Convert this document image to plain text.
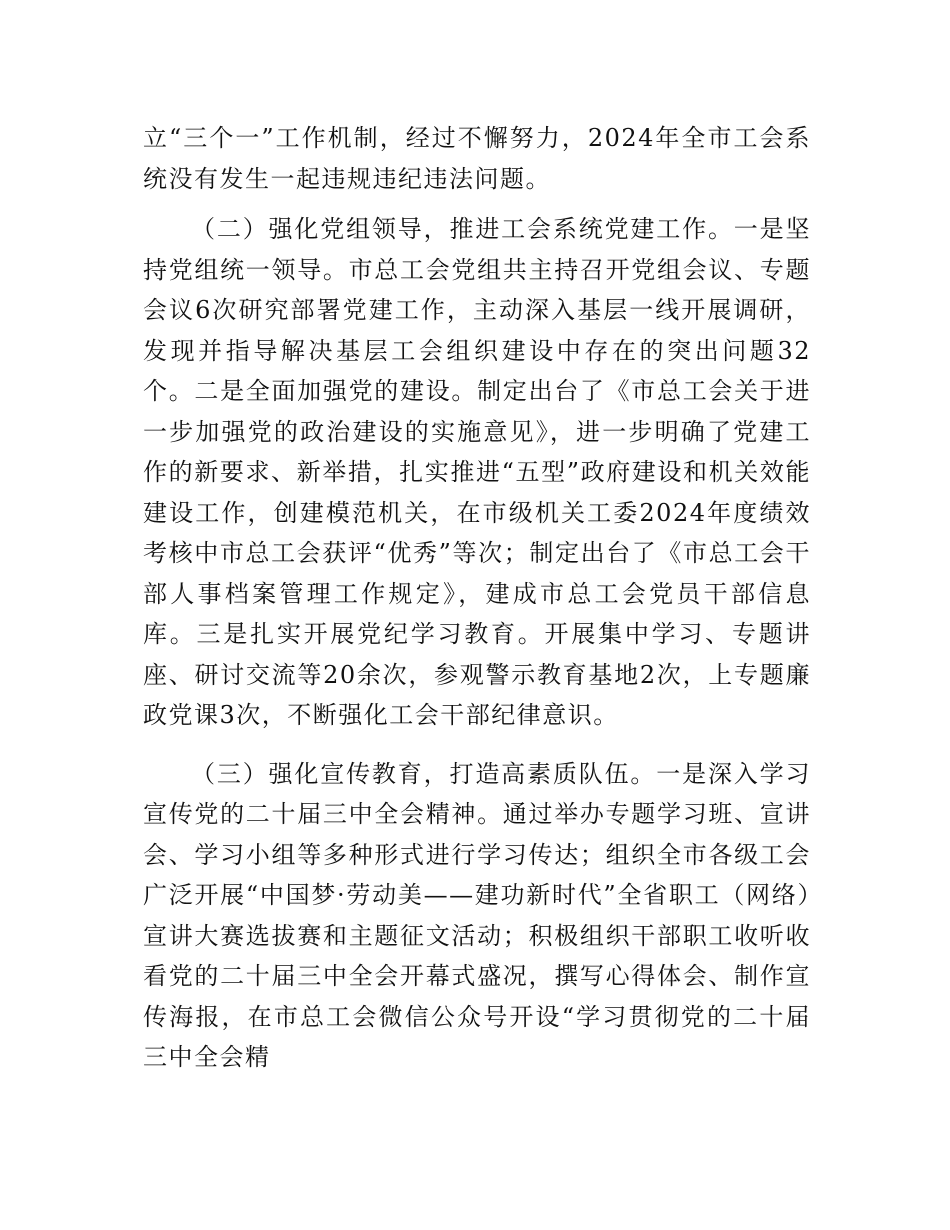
立“三个一”工作机制，经过不懈努力，2024年全市工会系统没有发生一起违规违纪违法问题。

（二）强化党组领导，推进工会系统党建工作。一是坚持党组统一领导。市总工会党组共主持召开党组会议、专题会议6次研究部署党建工作，主动深入基层一线开展调研，发现并指导解决基层工会组织建设中存在的突出问题32个。二是全面加强党的建设。制定出台了《市总工会关于进一步加强党的政治建设的实施意见》，进一步明确了党建工作的新要求、新举措，扎实推进“五型”政府建设和机关效能建设工作，创建模范机关，在市级机关工委2024年度绩效考核中市总工会获评“优秀”等次；制定出台了《市总工会干部人事档案管理工作规定》，建成市总工会党员干部信息库。三是扎实开展党纪学习教育。开展集中学习、专题讲座、研讨交流等20余次，参观警示教育基地2次，上专题廉政党课3次，不断强化工会干部纪律意识。

（三）强化宣传教育，打造高素质队伍。一是深入学习宣传党的二十届三中全会精神。通过举办专题学习班、宣讲会、学习小组等多种形式进行学习传达；组织全市各级工会广泛开展“中国梦·劳动美——建功新时代”全省职工（网络）宣讲大赛选拔赛和主题征文活动；积极组织干部职工收听收看党的二十届三中全会开幕式盛况，撰写心得体会、制作宣传海报，在市总工会微信公众号开设“学习贯彻党的二十届三中全会精
